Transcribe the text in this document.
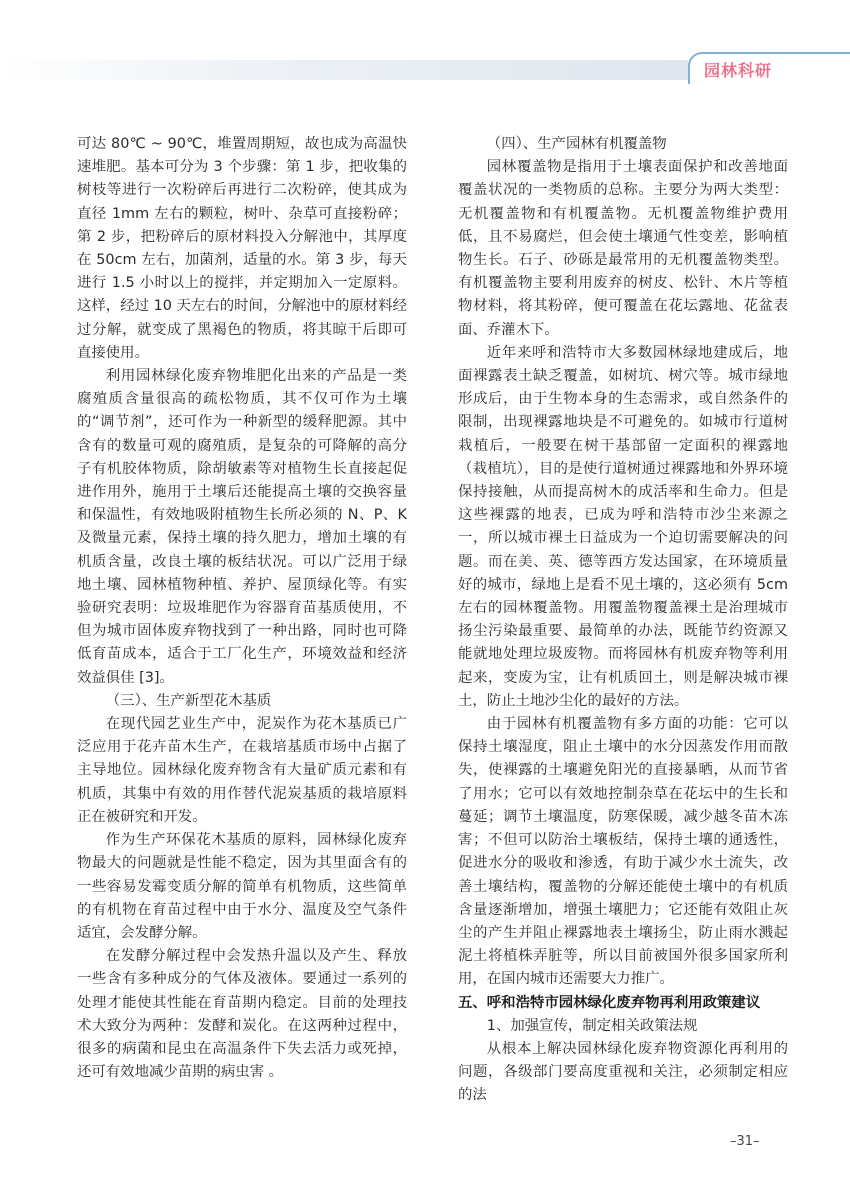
园林科研

可达 80℃ ~ 90℃，堆置周期短，故也成为高温快速堆肥。基本可分为 3 个步骤：第 1 步，把收集的树枝等进行一次粉碎后再进行二次粉碎，使其成为直径 1mm 左右的颗粒，树叶、杂草可直接粉碎；第 2 步，把粉碎后的原材料投入分解池中，其厚度在 50cm 左右，加菌剂，适量的水。第 3 步，每天进行 1.5 小时以上的搅拌，并定期加入一定原料。这样，经过 10 天左右的时间，分解池中的原材料经过分解，就变成了黑褐色的物质，将其晾干后即可直接使用。

利用园林绿化废弃物堆肥化出来的产品是一类腐殖质含量很高的疏松物质，其不仅可作为土壤的“调节剂”，还可作为一种新型的缓释肥源。其中含有的数量可观的腐殖质，是复杂的可降解的高分子有机胶体物质，除胡敏素等对植物生长直接起促进作用外，施用于土壤后还能提高土壤的交换容量和保温性，有效地吸附植物生长所必须的 N、P、K 及微量元素，保持土壤的持久肥力，增加土壤的有机质含量，改良土壤的板结状况。可以广泛用于绿地土壤、园林植物种植、养护、屋顶绿化等。有实验研究表明：垃圾堆肥作为容器育苗基质使用，不但为城市固体废弃物找到了一种出路，同时也可降低育苗成本，适合于工厂化生产，环境效益和经济效益俱佳 [3]。

（三）、生产新型花木基质

在现代园艺业生产中，泥炭作为花木基质已广泛应用于花卉苗木生产，在栽培基质市场中占据了主导地位。园林绿化废弃物含有大量矿质元素和有机质，其集中有效的用作替代泥炭基质的栽培原料正在被研究和开发。

作为生产环保花木基质的原料，园林绿化废弃物最大的问题就是性能不稳定，因为其里面含有的一些容易发霉变质分解的简单有机物质，这些简单的有机物在育苗过程中由于水分、温度及空气条件适宜，会发酵分解。

在发酵分解过程中会发热升温以及产生、释放一些含有多种成分的气体及液体。要通过一系列的处理才能使其性能在育苗期内稳定。目前的处理技术大致分为两种：发酵和炭化。在这两种过程中，很多的病菌和昆虫在高温条件下失去活力或死掉，还可有效地减少苗期的病虫害 。

（四）、生产园林有机覆盖物

园林覆盖物是指用于土壤表面保护和改善地面覆盖状况的一类物质的总称。主要分为两大类型：无机覆盖物和有机覆盖物。无机覆盖物维护费用低，且不易腐烂，但会使土壤通气性变差，影响植物生长。石子、砂砾是最常用的无机覆盖物类型。有机覆盖物主要利用废弃的树皮、松针、木片等植物材料，将其粉碎，便可覆盖在花坛露地、花盆表面、乔灌木下。

近年来呼和浩特市大多数园林绿地建成后，地面裸露表土缺乏覆盖，如树坑、树穴等。城市绿地形成后，由于生物本身的生态需求，或自然条件的限制，出现裸露地块是不可避免的。如城市行道树栽植后，一般要在树干基部留一定面积的裸露地（栽植坑），目的是使行道树通过裸露地和外界环境保持接触，从而提高树木的成活率和生命力。但是这些裸露的地表，已成为呼和浩特市沙尘来源之一，所以城市裸土日益成为一个迫切需要解决的问题。而在美、英、德等西方发达国家，在环境质量好的城市，绿地上是看不见土壤的，这必须有 5cm 左右的园林覆盖物。用覆盖物覆盖裸土是治理城市扬尘污染最重要、最简单的办法，既能节约资源又能就地处理垃圾废物。而将园林有机废弃物等利用起来，变废为宝，让有机质回土，则是解决城市裸土，防止土地沙尘化的最好的方法。

由于园林有机覆盖物有多方面的功能：它可以保持土壤湿度，阻止土壤中的水分因蒸发作用而散失，使裸露的土壤避免阳光的直接暴晒，从而节省了用水；它可以有效地控制杂草在花坛中的生长和蔓延；调节土壤温度，防寒保暖，减少越冬苗木冻害；不但可以防治土壤板结，保持土壤的通透性，促进水分的吸收和渗透，有助于减少水土流失，改善土壤结构，覆盖物的分解还能使土壤中的有机质含量逐渐增加，增强土壤肥力；它还能有效阻止灰尘的产生并阻止裸露地表土壤扬尘，防止雨水溅起泥土将植株弄脏等，所以目前被国外很多国家所利用，在国内城市还需要大力推广。

五、呼和浩特市园林绿化废弃物再利用政策建议

1、加强宣传，制定相关政策法规

从根本上解决园林绿化废弃物资源化再利用的问题，各级部门要高度重视和关注，必须制定相应的法

–31–
